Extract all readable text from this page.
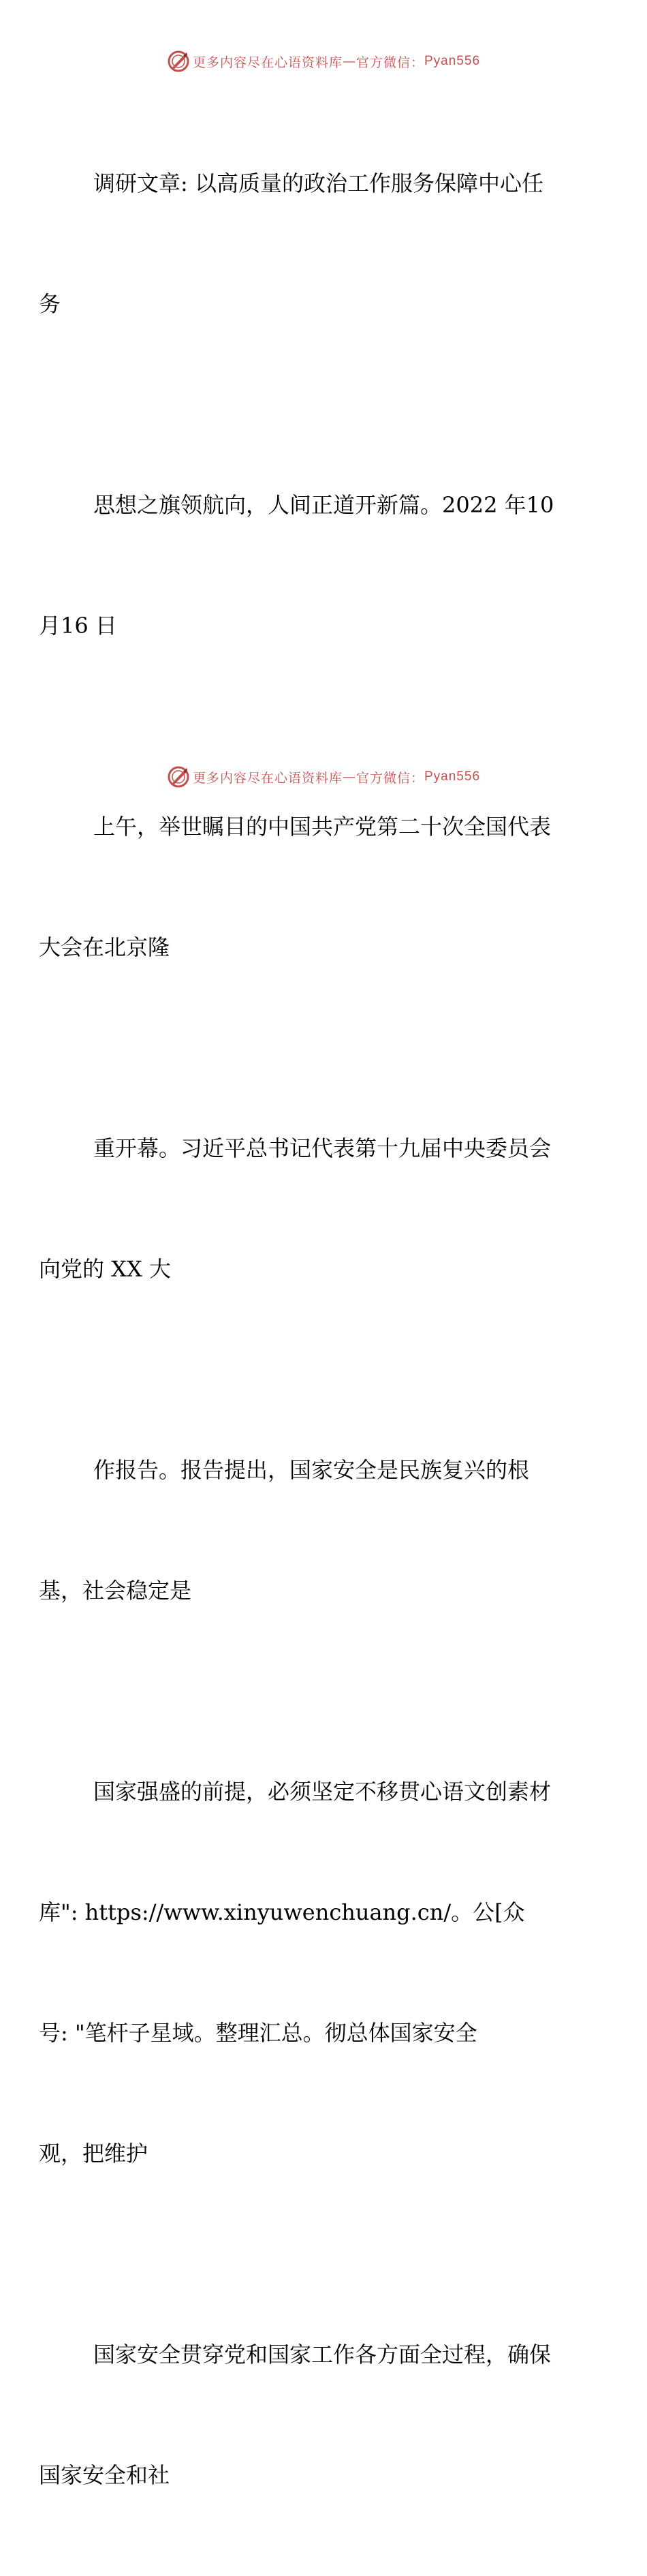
更多内容尽在心语资料库 — 官方微信： Pyan556

调研文章: 以高质量的政治工作服务保障中心任

务

思想之旗领航向，人间正道开新篇。2022 年10

月16 日

上午，举世瞩目的中国共产党第二十次全国代表

大会在北京隆

重开幕。习近平总书记代表第十九届中央委员会

向党的 XX 大

作报告。报告提出，国家安全是民族复兴的根

基，社会稳定是

国家强盛的前提，必须坚定不移贯心语文创素材

库": https://www.xinyuwenchuang.cn/。公[众

号: "笔杆子星域。整理汇总。彻总体国家安全

观，把维护

国家安全贯穿党和国家工作各方面全过程，确保

国家安全和社

更多内容尽在心语资料库 — 官方微信： Pyan556
